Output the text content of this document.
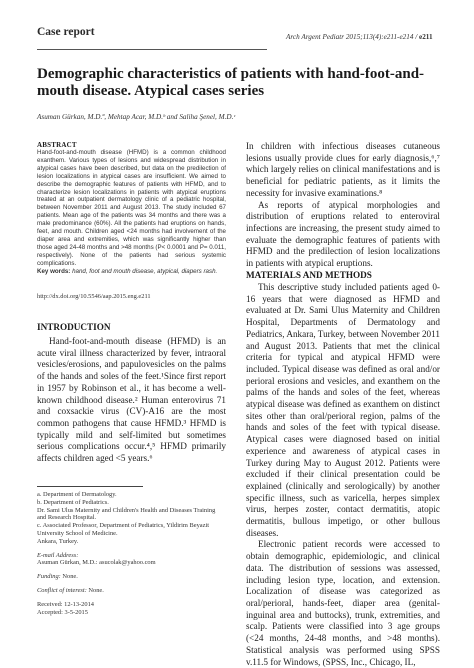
Case report	Arch Argent Pediatr 2015;113(4):e211-e214 / e211
Demographic characteristics of patients with hand-foot-and-mouth disease. Atypical cases series
Asuman Gürkan, M.D.ª, Mehtap Acar, M.D.ᵇ and Saliha Şenel, M.D.ᶜ
ABSTRACT

Hand-foot-and-mouth disease (HFMD) is a common childhood exanthem. Various types of lesions and widespread distribution in atypical cases have been described, but data on the predilection of lesion localizations in atypical cases are insufficient. We aimed to describe the demographic features of patients with HFMD, and to characterize lesion localizations in patients with atypical eruptions treated at an outpatient dermatology clinic of a pediatric hospital, between November 2011 and August 2013. The study included 67 patients. Mean age of the patients was 34 months and there was a male predominance (60%). All the patients had eruptions on hands, feet, and mouth. Children aged <24 months had involvement of the diaper area and extremities, which was significantly higher than those aged 24-48 months and >48 months (P< 0.0001 and P= 0.011, respectively). None of the patients had serious systemic complications.

Key words: hand, foot and mouth disease, atypical, diapers rash.

http://dx.doi.org/10.5546/aap.2015.eng.e211
INTRODUCTION

Hand-foot-and-mouth disease (HFMD) is an acute viral illness characterized by fever, intraoral vesicles/erosions, and papulovesicles on the palms of the hands and soles of the feet.¹Since first report in 1957 by Robinson et al., it has become a well-known childhood disease.² Human enterovirus 71 and coxsackie virus (CV)-A16 are the most common pathogens that cause HFMD.³ HFMD is typically mild and self-limited but sometimes serious complications occur.⁴,⁵ HFMD primarily affects children aged <5 years.⁶

a. Department of Dermatology.

b. Department of Pediatrics.

Dr. Sami Ulus Maternity and Children's Health and Diseases Training and Research Hospital.

c. Associated Professor, Department of Pediatrics, Yildirim Beyazit University School of Medicine.

Ankara, Turkey.

E-mail Address:

Asuman Gürkan, M.D.: asucolak@yahoo.com

Funding: None.

Conflict of interest: None.

Received: 12-13-2014

Accepted: 3-5-2015

In children with infectious diseases cutaneous lesions usually provide clues for early diagnosis,⁶,⁷ which largely relies on clinical manifestations and is beneficial for pediatric patients, as it limits the necessity for invasive examinations.⁸

As reports of atypical morphologies and distribution of eruptions related to enteroviral infections are increasing, the present study aimed to evaluate the demographic features of patients with HFMD and the predilection of lesion localizations in patients with atypical eruptions.

MATERIALS AND METHODS

This descriptive study included patients aged 0-16 years that were diagnosed as HFMD and evaluated at Dr. Sami Ulus Maternity and Children Hospital, Departments of Dermatology and Pediatrics, Ankara, Turkey, between November 2011 and August 2013. Patients that met the clinical criteria for typical and atypical HFMD were included. Typical disease was defined as oral and/or perioral erosions and vesicles, and exanthem on the palms of the hands and soles of the feet, whereas atypical disease was defined as exanthem on distinct sites other than oral/perioral region, palms of the hands and soles of the feet with typical disease. Atypical cases were diagnosed based on initial experience and awareness of atypical cases in Turkey during May to August 2012. Patients were excluded if their clinical presentation could be explained (clinically and serologically) by another specific illness, such as varicella, herpes simplex virus, herpes zoster, contact dermatitis, atopic dermatitis, bullous impetigo, or other bullous diseases.

Electronic patient records were accessed to obtain demographic, epidemiologic, and clinical data. The distribution of sessions was assessed, including lesion type, location, and extension. Localization of disease was categorized as oral/perioral, hands-feet, diaper area (genital-inguinal area and buttocks), trunk, extremities, and scalp. Patients were classified into 3 age groups (<24 months, 24-48 months, and >48 months). Statistical analysis was performed using SPSS v.11.5 for Windows, (SPSS, Inc., Chicago, IL,
